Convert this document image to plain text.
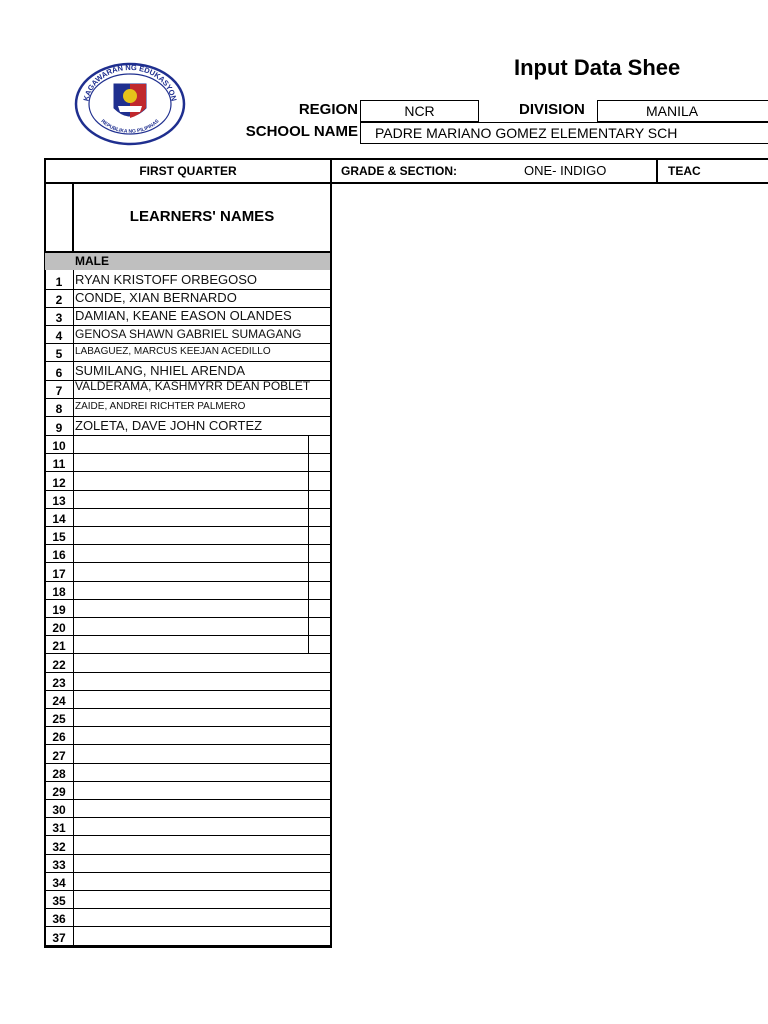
KAGAWARAN NG EDUKASYON
REPUBLIKA NG PILIPINAS
Input Data Shee
REGION	NCR	DIVISION	MANILA
SCHOOL NAME	PADRE MARIANO GOMEZ ELEMENTARY SCH
FIRST QUARTER	GRADE & SECTION:	ONE- INDIGO	TEAC
LEARNERS' NAMES
MALE
1 RYAN KRISTOFF ORBEGOSO
2 CONDE, XIAN BERNARDO
3 DAMIAN, KEANE EASON OLANDES
4	GENOSA SHAWN GABRIEL SUMAGANG
5	LABAGUEZ, MARCUS KEEJAN ACEDILLO
6 SUMILANG, NHIEL ARENDA
7	VALDERAMA, KASHMYRR DEAN POBLET
8	ZAIDE, ANDREI RICHTER PALMERO
9 ZOLETA, DAVE JOHN CORTEZ
10
11
12
13
14
15
16
17
18
19
20
21
22
23
24
25
26
27
28
29
30
31
32
33
34
35
36
37
